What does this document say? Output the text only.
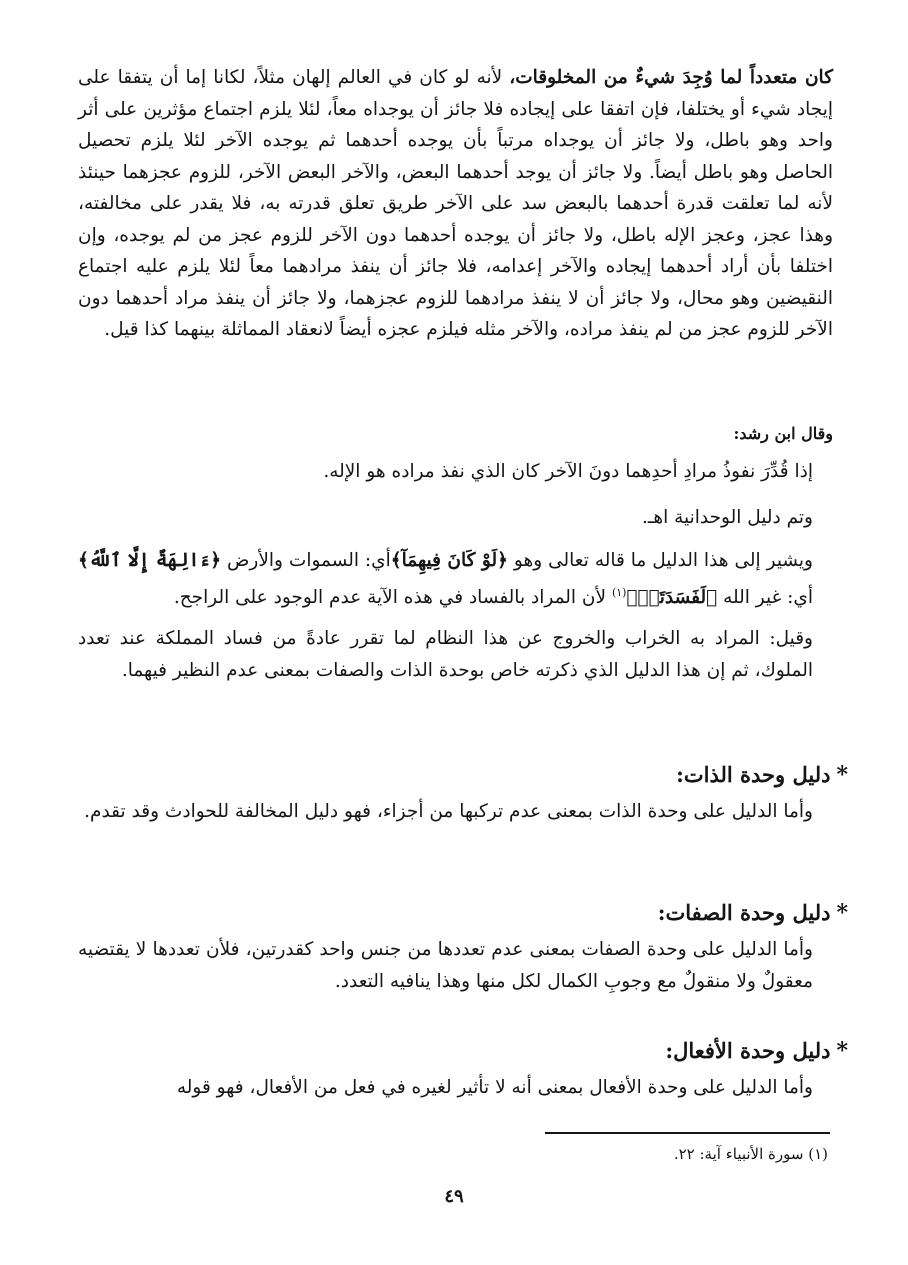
كان متعدداً لما وُجِدَ شيءٌ من المخلوقات، لأنه لو كان في العالم إلهان مثلاً، لكانا إما أن يتفقا على إيجاد شيء أو يختلفا، فإن اتفقا على إيجاده فلا جائز أن يوجداه معاً، لئلا يلزم اجتماع مؤثرين على أثر واحد وهو باطل، ولا جائز أن يوجداه مرتباً بأن يوجده أحدهما ثم يوجده الآخر لئلا يلزم تحصيل الحاصل وهو باطل أيضاً. ولا جائز أن يوجد أحدهما البعض، والآخر البعض الآخر، للزوم عجزهما حينئذ لأنه لما تعلقت قدرة أحدهما بالبعض سد على الآخر طريق تعلق قدرته به، فلا يقدر على مخالفته، وهذا عجز، وعجز الإله باطل، ولا جائز أن يوجده أحدهما دون الآخر للزوم عجز من لم يوجده، وإن اختلفا بأن أراد أحدهما إيجاده والآخر إعدامه، فلا جائز أن ينفذ مرادهما معاً لئلا يلزم عليه اجتماع النقيضين وهو محال، ولا جائز أن لا ينفذ مرادهما للزوم عجزهما، ولا جائز أن ينفذ مراد أحدهما دون الآخر للزوم عجز من لم ينفذ مراده، والآخر مثله فيلزم عجزه أيضاً لانعقاد المماثلة بينهما كذا قيل.

وقال ابن رشد:

إذا قُدِّرَ نفوذُ مرادِ أحدِهما دونَ الآخر كان الذي نفذ مراده هو الإله.

وتم دليل الوحدانية اهـ.

ويشير إلى هذا الدليل ما قاله تعالى وهو ﴿لَوْ كَانَ فِيهِمَآ﴾أي: السموات والأرض ﴿ءَالِهَةٌ إِلَّا ٱللَّهُ﴾ أي: غير الله ﴿لَفَسَدَتَاۚ﴾$^{(١)}$ لأن المراد بالفساد في هذه الآية عدم الوجود على الراجح.

وقيل: المراد به الخراب والخروج عن هذا النظام لما تقرر عادةً من فساد المملكة عند تعدد الملوك، ثم إن هذا الدليل الذي ذكرته خاص بوحدة الذات والصفات بمعنى عدم النظير فيهما.

*دليل وحدة الذات:

وأما الدليل على وحدة الذات بمعنى عدم تركبها من أجزاء، فهو دليل المخالفة للحوادث وقد تقدم.

*دليل وحدة الصفات:

وأما الدليل على وحدة الصفات بمعنى عدم تعددها من جنس واحد كقدرتين، فلأن تعددها لا يقتضيه معقولٌ ولا منقولٌ مع وجوبِ الكمال لكل منها وهذا ينافيه التعدد.

*دليل وحدة الأفعال:

وأما الدليل على وحدة الأفعال بمعنى أنه لا تأثير لغيره في فعل من الأفعال، فهو قوله

(١) سورة الأنبياء آية: ٢٢.
٤٩
